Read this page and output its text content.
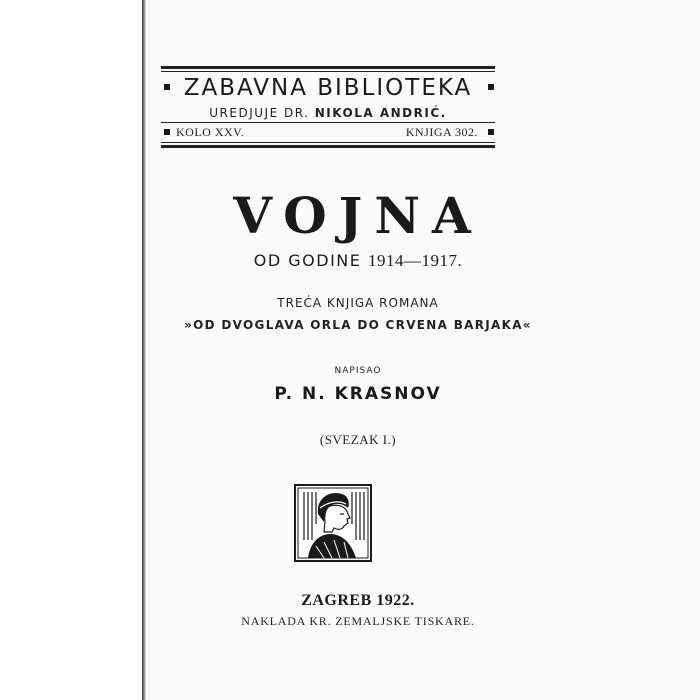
ZABAVNA BIBLIOTEKA
UREDJUJE DR. NIKOLA ANDRIĆ.
KOLO XXV.	KNJIGA 302.
VOJNA
OD GODINE 1914—1917.
TREĆA KNJIGA ROMANA
»OD DVOGLAVA ORLA DO CRVENA BARJAKA«
NAPISAO
P. N. KRASNOV
(SVEZAK I.)
ZAGREB 1922.
NAKLADA KR. ZEMALJSKE TISKARE.
